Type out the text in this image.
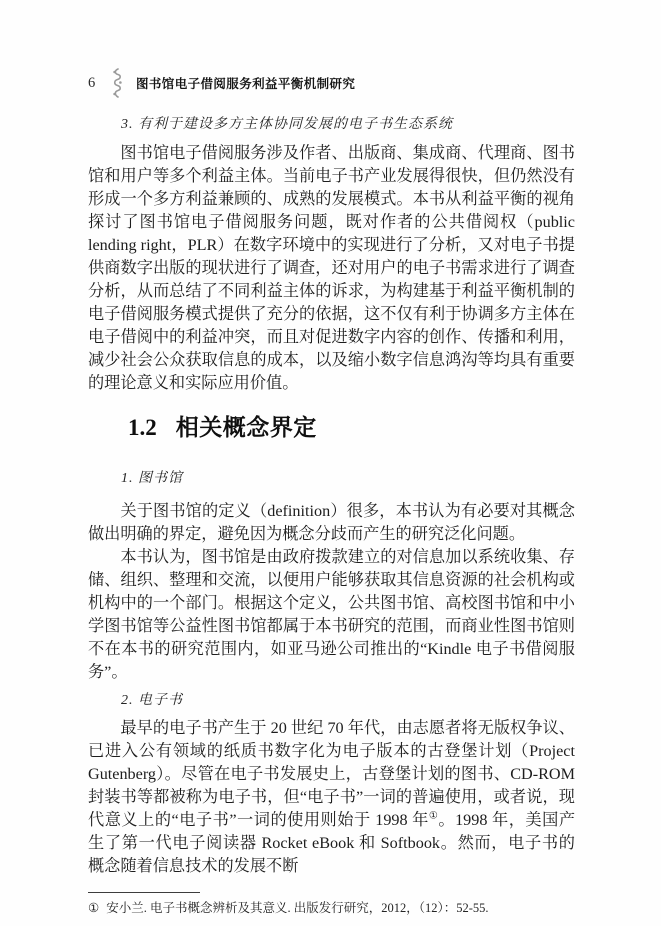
6	图书馆电子借阅服务利益平衡机制研究
3. 有利于建设多方主体协同发展的电子书生态系统

图书馆电子借阅服务涉及作者、出版商、集成商、代理商、图书馆和用户等多个利益主体。当前电子书产业发展得很快，但仍然没有形成一个多方利益兼顾的、成熟的发展模式。本书从利益平衡的视角探讨了图书馆电子借阅服务问题，既对作者的公共借阅权（public lending right，PLR）在数字环境中的实现进行了分析，又对电子书提供商数字出版的现状进行了调查，还对用户的电子书需求进行了调查分析，从而总结了不同利益主体的诉求，为构建基于利益平衡机制的电子借阅服务模式提供了充分的依据，这不仅有利于协调多方主体在电子借阅中的利益冲突，而且对促进数字内容的创作、传播和利用，减少社会公众获取信息的成本，以及缩小数字信息鸿沟等均具有重要的理论意义和实际应用价值。

1.2 相关概念界定
1. 图书馆

关于图书馆的定义（definition）很多，本书认为有必要对其概念做出明确的界定，避免因为概念分歧而产生的研究泛化问题。

本书认为，图书馆是由政府拨款建立的对信息加以系统收集、存储、组织、整理和交流，以便用户能够获取其信息资源的社会机构或机构中的一个部门。根据这个定义，公共图书馆、高校图书馆和中小学图书馆等公益性图书馆都属于本书研究的范围，而商业性图书馆则不在本书的研究范围内，如亚马逊公司推出的“Kindle 电子书借阅服务”。

2. 电子书

最早的电子书产生于 20 世纪 70 年代，由志愿者将无版权争议、已进入公有领域的纸质书数字化为电子版本的古登堡计划（Project Gutenberg）。尽管在电子书发展史上，古登堡计划的图书、CD-ROM 封装书等都被称为电子书，但“电子书”一词的普遍使用，或者说，现代意义上的“电子书”一词的使用则始于 1998 年①。1998 年，美国产生了第一代电子阅读器 Rocket eBook 和 Softbook。然而，电子书的概念随着信息技术的发展不断

① 安小兰. 电子书概念辨析及其意义. 出版发行研究，2012，（12）：52-55.
